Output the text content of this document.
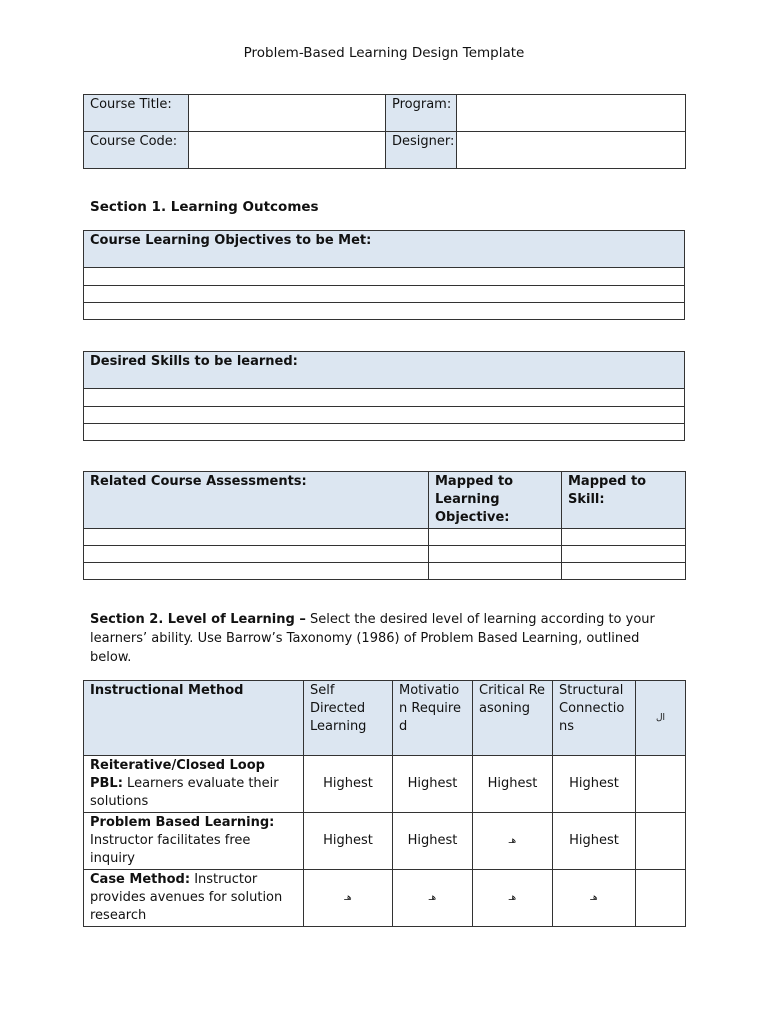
Problem-Based Learning Design Template
Course Title:		Program:	
Course Code:		Designer:	
Section 1. Learning Outcomes
Course Learning Objectives to be Met:

Desired Skills to be learned:

Related Course Assessments:	Mapped to Learning Objective:	Mapped to Skill:

Section 2. Level of Learning – Select the desired level of learning according to your learners’ ability. Use Barrow’s Taxonomy (1986) of Problem Based Learning, outlined below.
Instructional Method	Self Directed Learning	Motivation Required	Critical Reasoning	Structural Connections	ال
Reiterative/Closed Loop PBL: Learners evaluate their solutions	Highest	Highest	Highest	Highest	
Problem Based Learning: Instructor facilitates free inquiry	Highest	Highest	هـ	Highest	
Case Method: Instructor provides avenues for solution research	هـ	هـ	هـ	هـ	
